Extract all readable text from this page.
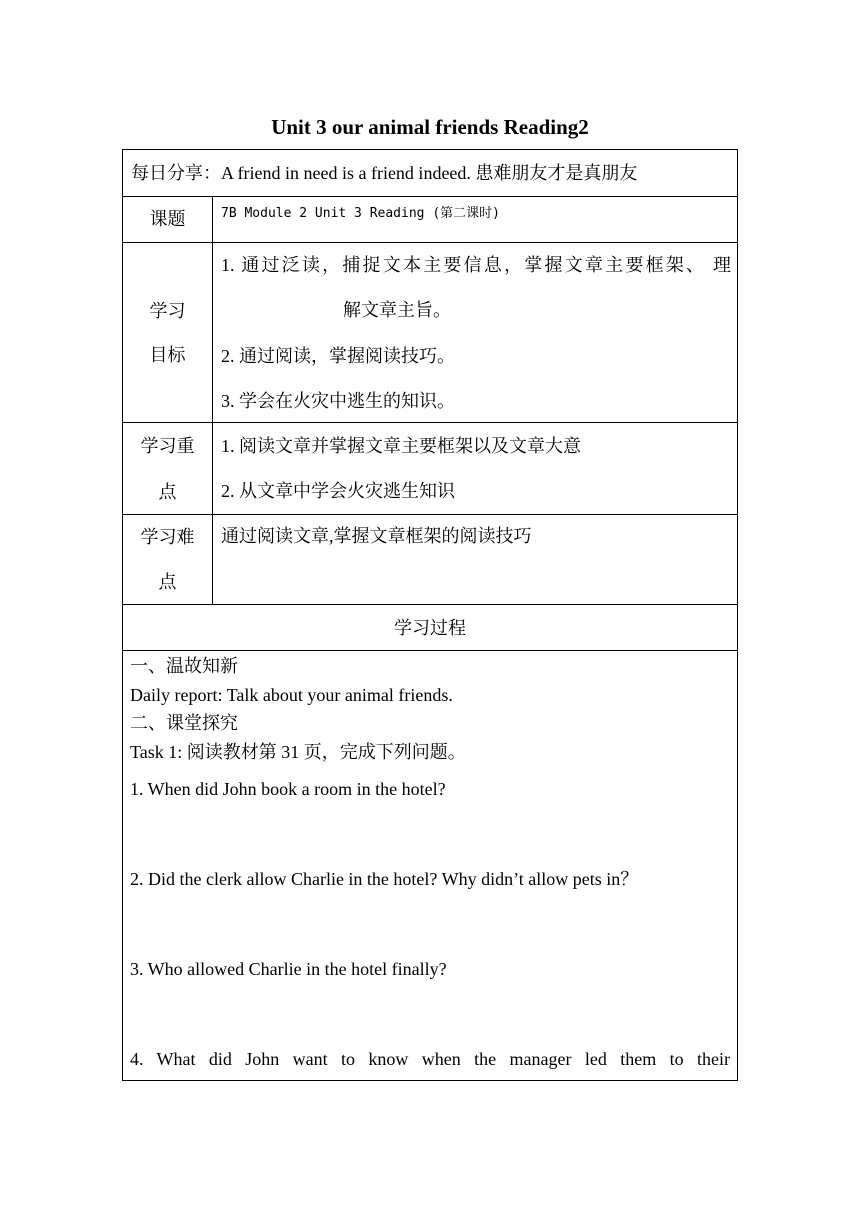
Unit 3 our animal friends Reading2
每日分享：A friend in need is a friend indeed. 患难朋友才是真朋友
课题	7B Module 2 Unit 3 Reading (第二课时)
学习
目标
1. 通过泛读，捕捉文本主要信息，掌握文章主要框架、 理
解文章主旨。
2. 通过阅读，掌握阅读技巧。
3. 学会在火灾中逃生的知识。
学习重
点
1. 阅读文章并掌握文章主要框架以及文章大意
2. 从文章中学会火灾逃生知识
学习难
点
通过阅读文章,掌握文章框架的阅读技巧
学习过程
一、温故知新
Daily report: Talk about your animal friends.
二、课堂探究
Task 1: 阅读教材第 31 页，完成下列问题。
1. When did John book a room in the hotel?
2. Did the clerk allow Charlie in the hotel? Why didn’t allow pets in？
3. Who allowed Charlie in the hotel finally?
4. What did John want to know when the manager led them to their
